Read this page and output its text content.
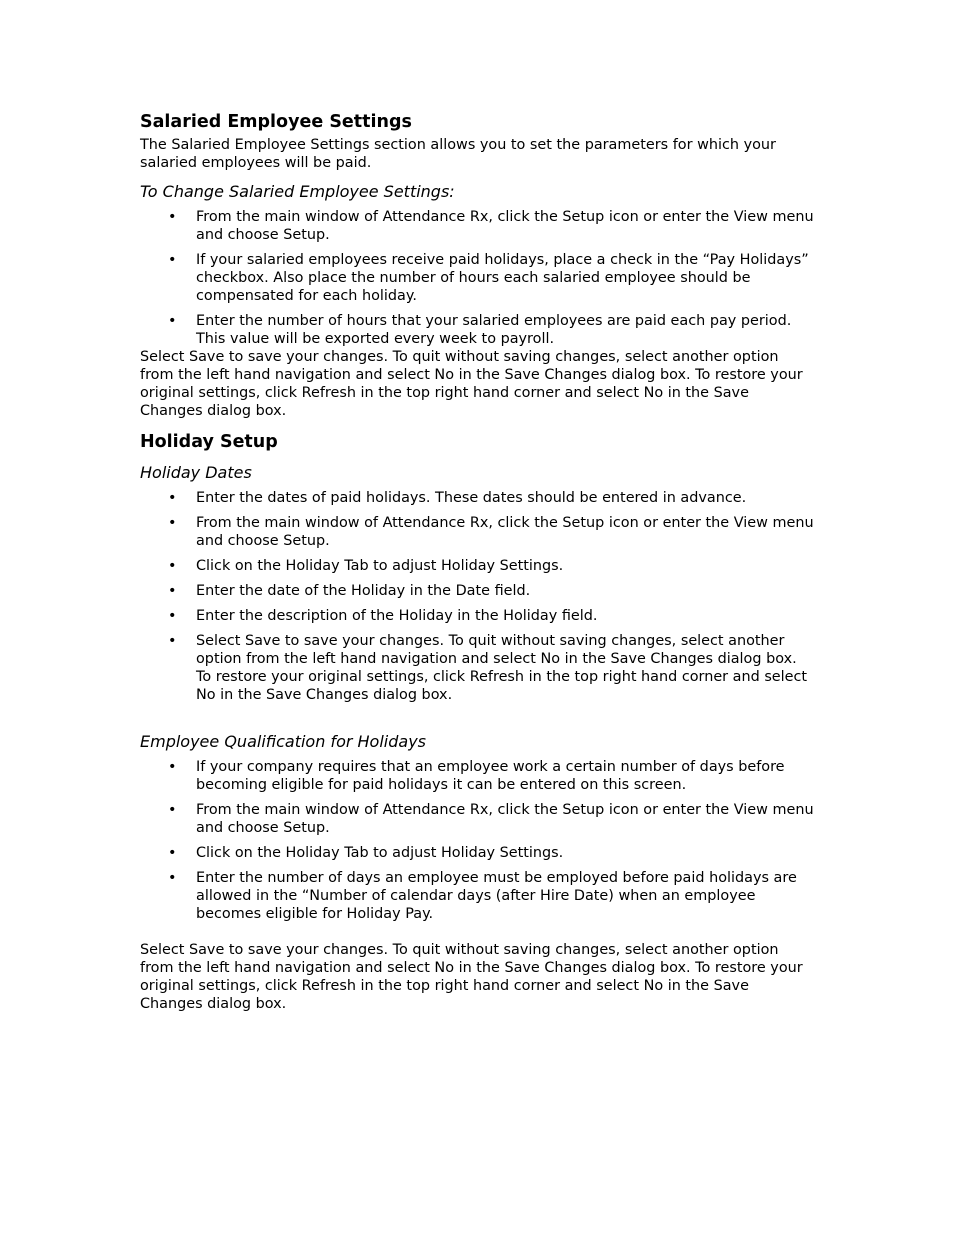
Salaried Employee Settings

The Salaried Employee Settings section allows you to set the parameters for which your salaried employees will be paid.

To Change Salaried Employee Settings:
• From the main window of Attendance Rx, click the Setup icon or enter the View menu and choose Setup.
• If your salaried employees receive paid holidays, place a check in the “Pay Holidays” checkbox. Also place the number of hours each salaried employee should be compensated for each holiday.
• Enter the number of hours that your salaried employees are paid each pay period. This value will be exported every week to payroll.

Select Save to save your changes. To quit without saving changes, select another option from the left hand navigation and select No in the Save Changes dialog box. To restore your original settings, click Refresh in the top right hand corner and select No in the Save Changes dialog box.

Holiday Setup
Holiday Dates
• Enter the dates of paid holidays. These dates should be entered in advance.
• From the main window of Attendance Rx, click the Setup icon or enter the View menu and choose Setup.
• Click on the Holiday Tab to adjust Holiday Settings.
• Enter the date of the Holiday in the Date field.
• Enter the description of the Holiday in the Holiday field.
• Select Save to save your changes. To quit without saving changes, select another option from the left hand navigation and select No in the Save Changes dialog box. To restore your original settings, click Refresh in the top right hand corner and select No in the Save Changes dialog box.
Employee Qualification for Holidays
• If your company requires that an employee work a certain number of days before becoming eligible for paid holidays it can be entered on this screen.
• From the main window of Attendance Rx, click the Setup icon or enter the View menu and choose Setup.
• Click on the Holiday Tab to adjust Holiday Settings.
• Enter the number of days an employee must be employed before paid holidays are allowed in the “Number of calendar days (after Hire Date) when an employee becomes eligible for Holiday Pay.

Select Save to save your changes. To quit without saving changes, select another option from the left hand navigation and select No in the Save Changes dialog box. To restore your original settings, click Refresh in the top right hand corner and select No in the Save Changes dialog box.
